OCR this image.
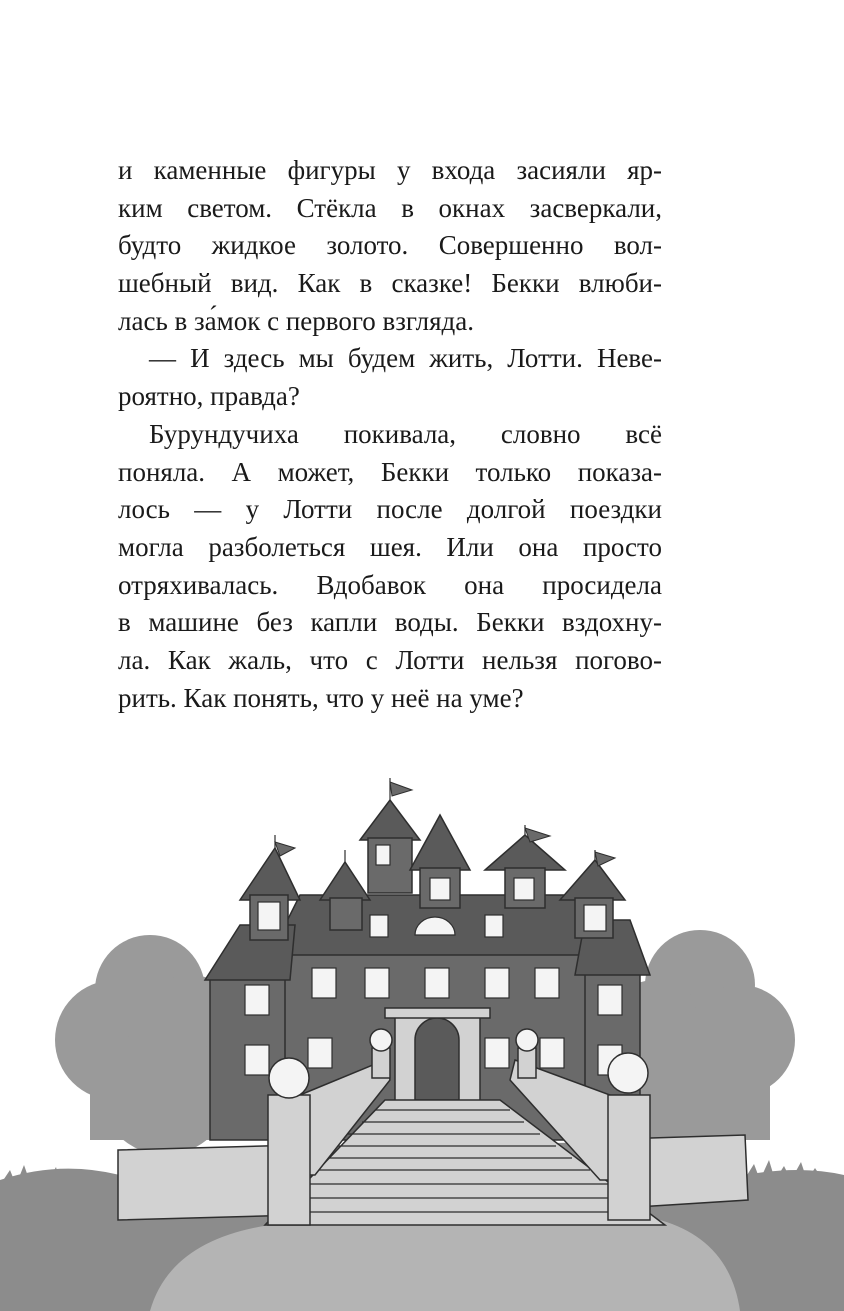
и каменные фигуры у входа засияли яр-
ким светом. Стёкла в окнах засверкали,
будто жидкое золото. Совершенно вол-
шебный вид. Как в сказке! Бекки влюби-
лась в за́мок с первого взгляда.
— И здесь мы будем жить, Лотти. Неве-
роятно, правда?
Бурундучиха покивала, словно всё
поняла. А может, Бекки только показа-
лось — у Лотти после долгой поездки
могла разболеться шея. Или она просто
отряхивалась. Вдобавок она просидела
в машине без капли воды. Бекки вздохну-
ла. Как жаль, что с Лотти нельзя погово-
рить. Как понять, что у неё на уме?
